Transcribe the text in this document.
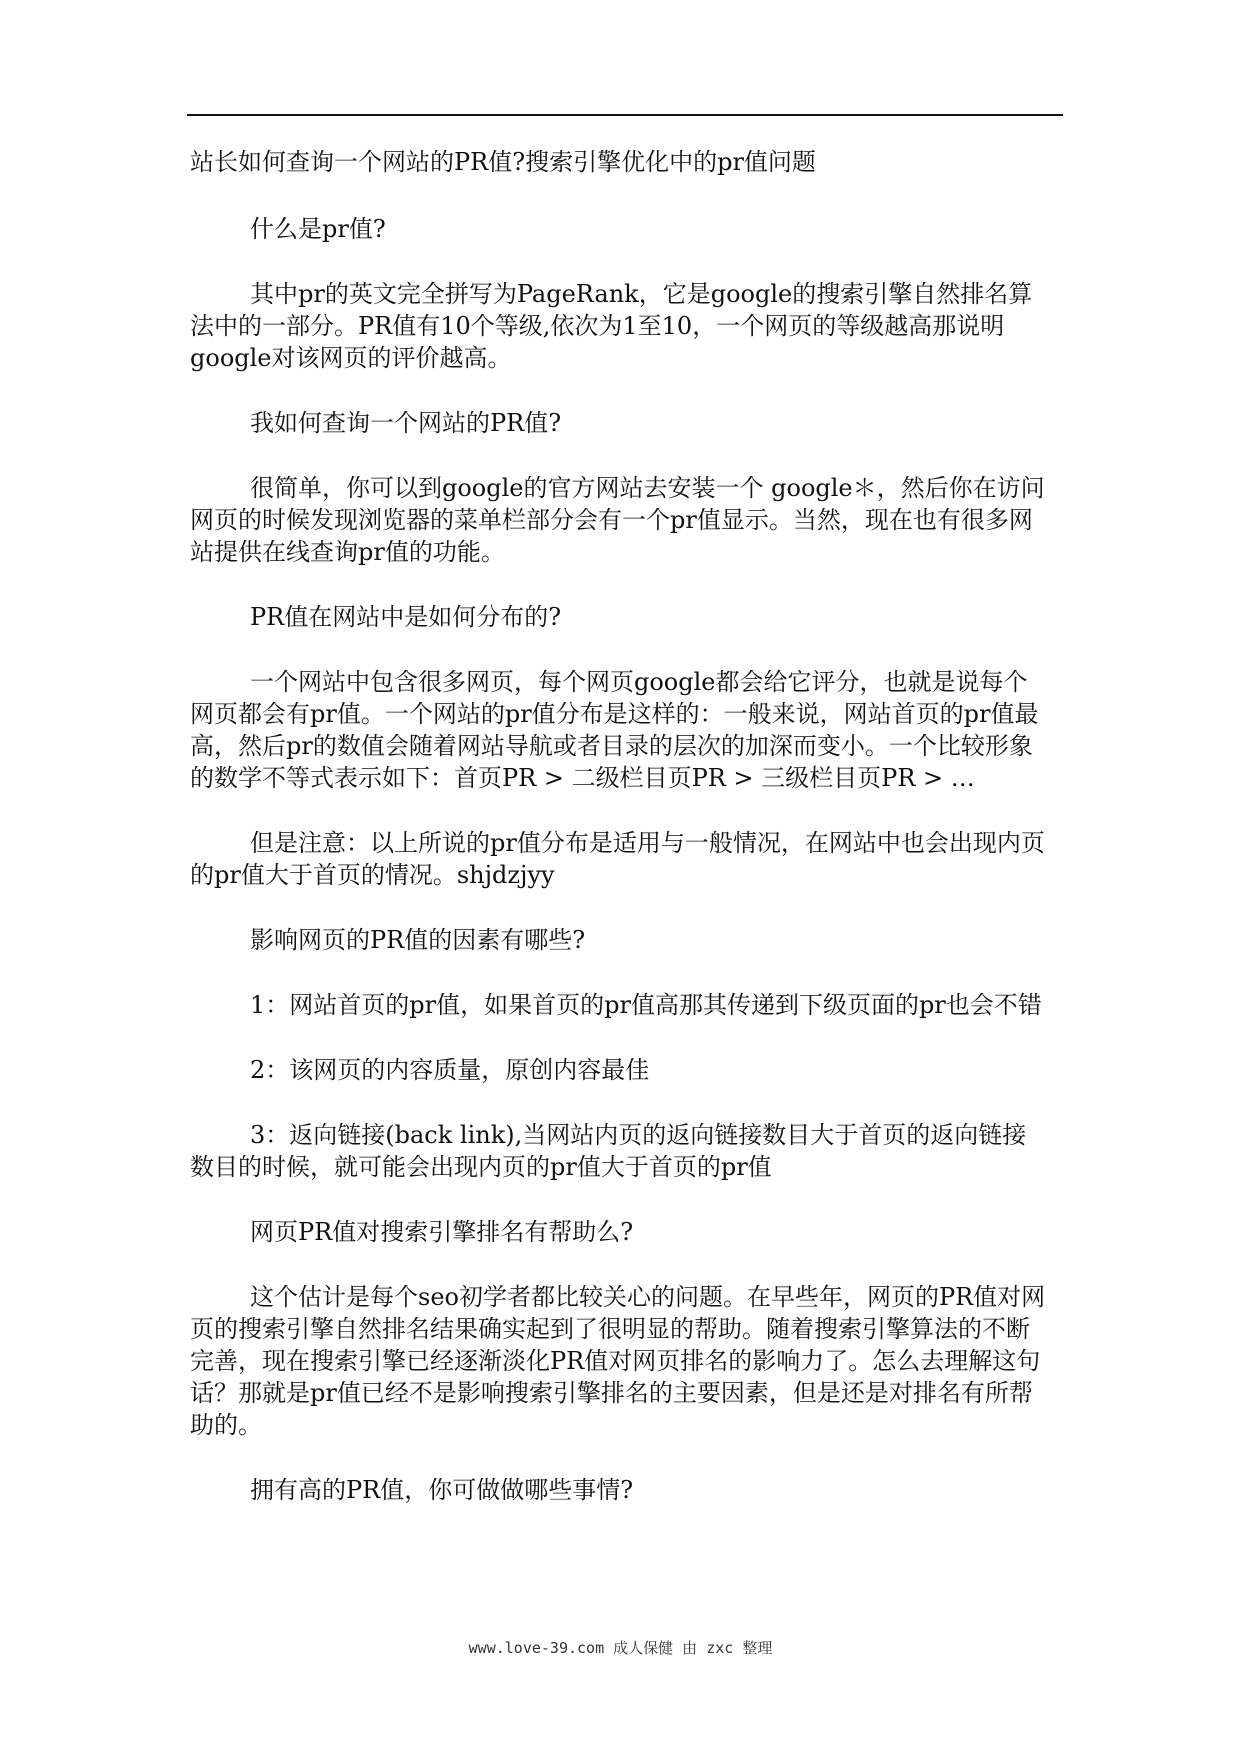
站长如何查询一个网站的PR值?搜索引擎优化中的pr值问题

什么是pr值?

其中pr的英文完全拼写为PageRank，它是google的搜索引擎自然排名算法中的一部分。PR值有10个等级,依次为1至10，一个网页的等级越高那说明google对该网页的评价越高。

我如何查询一个网站的PR值?

很简单，你可以到google的官方网站去安装一个 google＊，然后你在访问网页的时候发现浏览器的菜单栏部分会有一个pr值显示。当然，现在也有很多网站提供在线查询pr值的功能。

PR值在网站中是如何分布的?

一个网站中包含很多网页，每个网页google都会给它评分，也就是说每个网页都会有pr值。一个网站的pr值分布是这样的：一般来说，网站首页的pr值最高，然后pr的数值会随着网站导航或者目录的层次的加深而变小。一个比较形象的数学不等式表示如下：首页PR > 二级栏目页PR > 三级栏目页PR > …

但是注意：以上所说的pr值分布是适用与一般情况，在网站中也会出现内页的pr值大于首页的情况。shjdzjyy

影响网页的PR值的因素有哪些?

1：网站首页的pr值，如果首页的pr值高那其传递到下级页面的pr也会不错

2：该网页的内容质量，原创内容最佳

3：返向链接(back link),当网站内页的返向链接数目大于首页的返向链接数目的时候，就可能会出现内页的pr值大于首页的pr值

网页PR值对搜索引擎排名有帮助么?

这个估计是每个seo初学者都比较关心的问题。在早些年，网页的PR值对网页的搜索引擎自然排名结果确实起到了很明显的帮助。随着搜索引擎算法的不断完善，现在搜索引擎已经逐渐淡化PR值对网页排名的影响力了。怎么去理解这句话？那就是pr值已经不是影响搜索引擎排名的主要因素，但是还是对排名有所帮助的。

拥有高的PR值，你可做做哪些事情?

www.love-39.com 成人保健 由 zxc 整理
